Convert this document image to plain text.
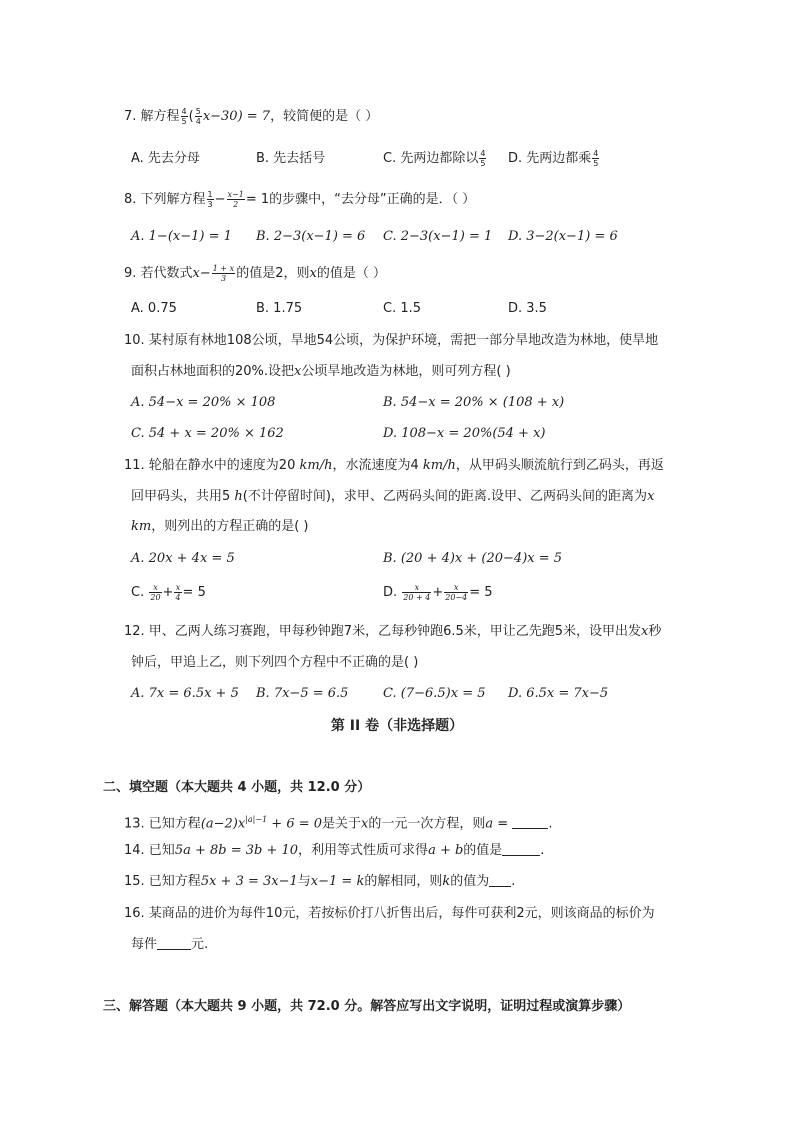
7. 解方程 $\frac{4}{5}$ ( $\frac{5}{4} x-30) = 7$，较简便的是（ ）
A. 先去分母	B. 先去括号	C. 先两边都除以 $\frac{4}{5} D$. 先两边都乘 $\frac{4}{5}$
8. 下列解方程 $\frac{1}{3} - \frac{x-1}{2} = 1$的步骤中，“去分母”正确的是．（ ）
A. 1−(x−1) = 1 B. 2−3(x−1) = 6 C. 2−3(x−1) = 1 D. 3−2(x−1) = 6
9. 若代数式$x- \frac{1 + x}{3}$ 的值是2，则x的值是（ ）
A. 0.75	B. 1.75	C. 1.5	D. 3.5
10. 某村原有林地108公顷，旱地54公顷，为保护环境，需把一部分旱地改造为林地，使旱地
面积占林地面积的20%.设把x公顷旱地改造为林地，则可列方程( )
A. 54−x = 20% × 108	B. 54−x = 20% × (108 + x)
C. 54 + x = 20% × 162	D. 108−x = 20%(54 + x)
11. 轮船在静水中的速度为20 km/h，水流速度为4 km/h，从甲码头顺流航行到乙码头，再返
回甲码头，共用5 h(不计停留时间)，求甲、乙两码头间的距离.设甲、乙两码头间的距离为x
km，则列出的方程正确的是( )
A. 20x + 4x = 5	B. (20 + 4)x + (20−4)x = 5
C. $\frac{x}{20} + \frac{x}{4} = 5$	D. $\frac{x}{20 + 4} + \frac{x}{20-4} = 5$
12. 甲、乙两人练习赛跑，甲每秒钟跑7米，乙每秒钟跑6.5米，甲让乙先跑5米，设甲出发x秒
钟后，甲追上乙，则下列四个方程中不正确的是( )
A. 7x = 6.5x + 5 B. 7x−5 = 6.5	C. (7−6.5)x = 5 D. 6.5x = 7x−5
第 II 卷（非选择题）
二、填空题（本大题共 4 小题，共 12.0 分）
13. 已知方程$(a-2)x^{|a|-1} + 6 = 0$是关于x的一元一次方程，则a =	.
14. 已知5a + 8b = 3b + 10，利用等式性质可求得a + b的值是	.
15. 已知方程5x + 3 = 3x−1与x−1 = k的解相同，则k的值为 .
16. 某商品的进价为每件10元，若按标价打八折售出后，每件可获利2元，则该商品的标价为
每件	元.
三、解答题（本大题共 9 小题，共 72.0 分。解答应写出文字说明，证明过程或演算步骤）
